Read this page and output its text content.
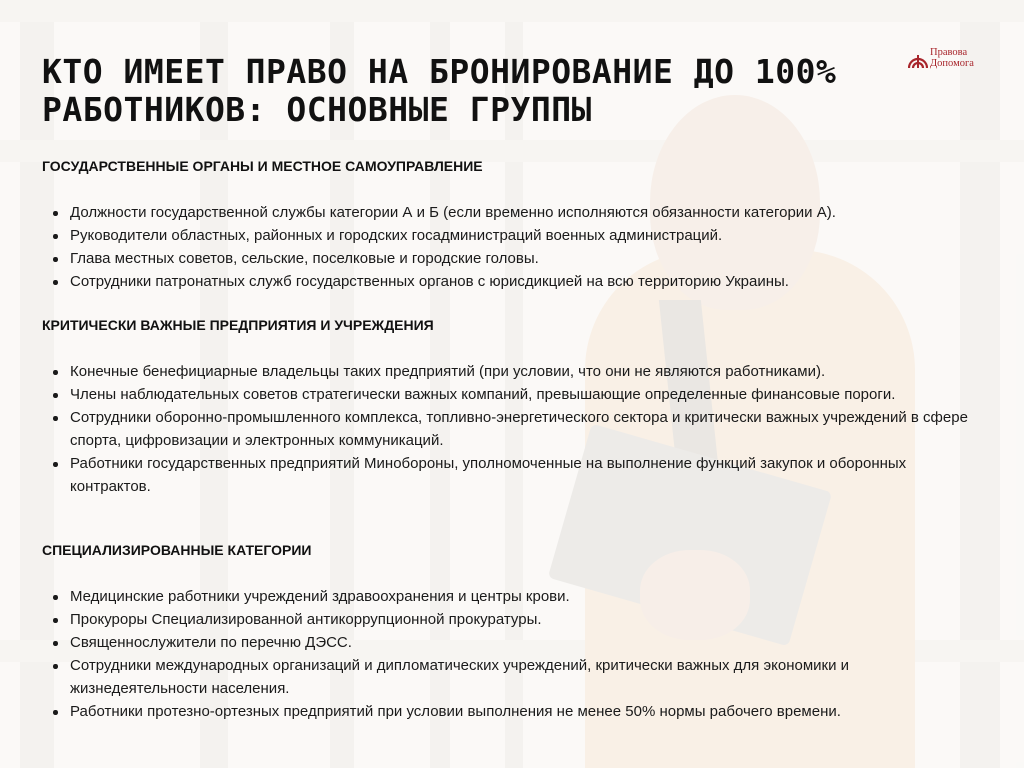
Правова
Допомога
КТО ИМЕЕТ ПРАВО НА БРОНИРОВАНИЕ ДО 100% РАБОТНИКОВ: ОСНОВНЫЕ ГРУППЫ
ГОСУДАРСТВЕННЫЕ ОРГАНЫ И МЕСТНОЕ САМОУПРАВЛЕНИЕ
Должности государственной службы категории А и Б (если временно исполняются обязанности категории А).
Руководители областных, районных и городских госадминистраций военных администраций.
Глава местных советов, сельские, поселковые и городские головы.
Сотрудники патронатных служб государственных органов с юрисдикцией на всю территорию Украины.
КРИТИЧЕСКИ ВАЖНЫЕ ПРЕДПРИЯТИЯ И УЧРЕЖДЕНИЯ
Конечные бенефициарные владельцы таких предприятий (при условии, что они не являются работниками).
Члены наблюдательных советов стратегически важных компаний, превышающие определенные финансовые пороги.
Сотрудники оборонно-промышленного комплекса, топливно-энергетического сектора и критически важных учреждений в сфере спорта, цифровизации и электронных коммуникаций.
Работники государственных предприятий Минобороны, уполномоченные на выполнение функций закупок и оборонных контрактов.
СПЕЦИАЛИЗИРОВАННЫЕ КАТЕГОРИИ
Медицинские работники учреждений здравоохранения и центры крови.
Прокуроры Специализированной антикоррупционной прокуратуры.
Священнослужители по перечню ДЭСС.
Сотрудники международных организаций и дипломатических учреждений, критически важных для экономики и жизнедеятельности населения.
Работники протезно-ортезных предприятий при условии выполнения не менее 50% нормы рабочего времени.
